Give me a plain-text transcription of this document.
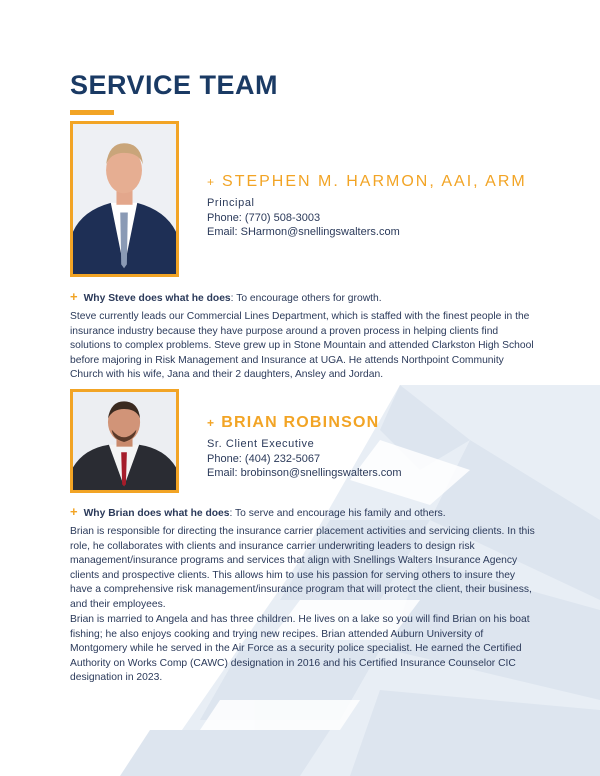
SERVICE TEAM
+ STEPHEN M. HARMON, AAI, ARM
Principal
Phone: (770) 508-3003
Email: SHarmon@snellingswalters.com
+ Why Steve does what he does: To encourage others for growth.

Steve currently leads our Commercial Lines Department, which is staffed with the finest people in the insurance industry because they have purpose around a proven process in helping clients find solutions to complex problems. Steve grew up in Stone Mountain and attended Clarkston High School before majoring in Risk Management and Insurance at UGA. He attends Northpoint Community Church with his wife, Jana and their 2 daughters, Ansley and Jordan.

+ BRIAN ROBINSON
Sr. Client Executive
Phone: (404) 232-5067
Email: brobinson@snellingswalters.com
+ Why Brian does what he does: To serve and encourage his family and others.

Brian is responsible for directing the insurance carrier placement activities and servicing clients. In this role, he collaborates with clients and insurance carrier underwriting leaders to design risk management/insurance programs and services that align with Snellings Walters Insurance Agency clients and prospective clients. This allows him to use his passion for serving others to insure they have a comprehensive risk management/insurance program that will protect the client, their business, and their employees.

Brian is married to Angela and has three children. He lives on a lake so you will find Brian on his boat fishing; he also enjoys cooking and trying new recipes. Brian attended Auburn University of Montgomery while he served in the Air Force as a security police specialist. He earned the Certified Authority on Works Comp (CAWC) designation in 2016 and his Certified Insurance Counselor CIC designation in 2023.
